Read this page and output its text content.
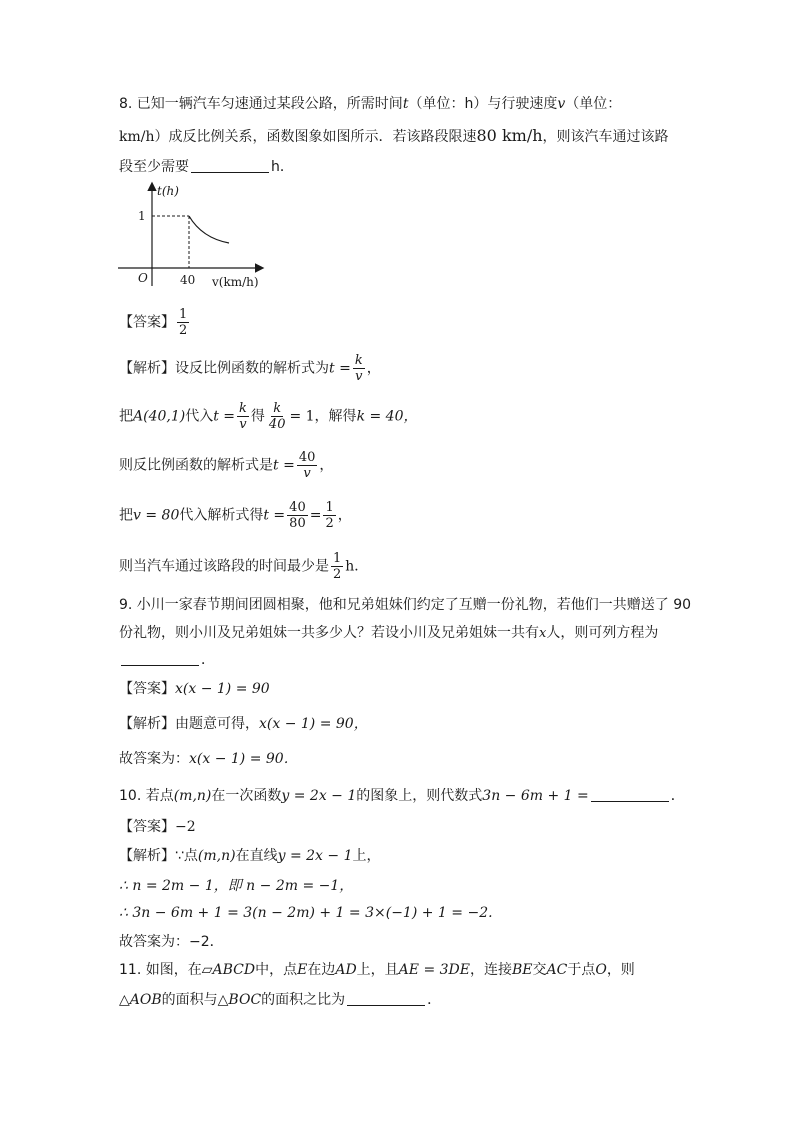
8. 已知一辆汽车匀速通过某段公路，所需时间t（单位：h）与行驶速度v（单位：
km/h）成反比例关系，函数图象如图所示．若该路段限速80 km/h，则该汽车通过该路
段至少需要	h．
t(h)
1
O	40 v(km/h)
【答案】 $\frac{1}{2}$
【解析】设反比例函数的解析式为$t = \frac{k}{v}$ ，
把A(40,1)代入$t = \frac{k}{v}$ 得 $\frac{k}{40} = 1$，解得k = 40，
则反比例函数的解析式是$t = \frac{40}{v}$ ，
把v = 80代入解析式得$t = \frac{40}{80} = \frac{1}{2}$ ，
则当汽车通过该路段的时间最少是 $\frac{1}{2}$ h．
9. 小川一家春节期间团圆相聚，他和兄弟姐妹们约定了互赠一份礼物，若他们一共赠送了 90
份礼物，则小川及兄弟姐妹一共多少人？若设小川及兄弟姐妹一共有x人，则可列方程为
．
【答案】x(x − 1) = 90
【解析】由题意可得，x(x − 1) = 90，
故答案为：x(x − 1) = 90．
10. 若点(m,n)在一次函数y = 2x − 1的图象上，则代数式3n − 6m + 1 =	．
【答案】−2
【解析】∵点(m,n)在直线y = 2x − 1上，
∴ n = 2m − 1，即 n − 2m = −1，
∴ 3n − 6m + 1 = 3(n − 2m) + 1 = 3×(−1) + 1 = −2.
故答案为：−2．
11. 如图，在▱ABCD中，点E在边AD上，且AE = 3DE，连接BE交AC于点O，则
△AOB的面积与△BOC的面积之比为	．
